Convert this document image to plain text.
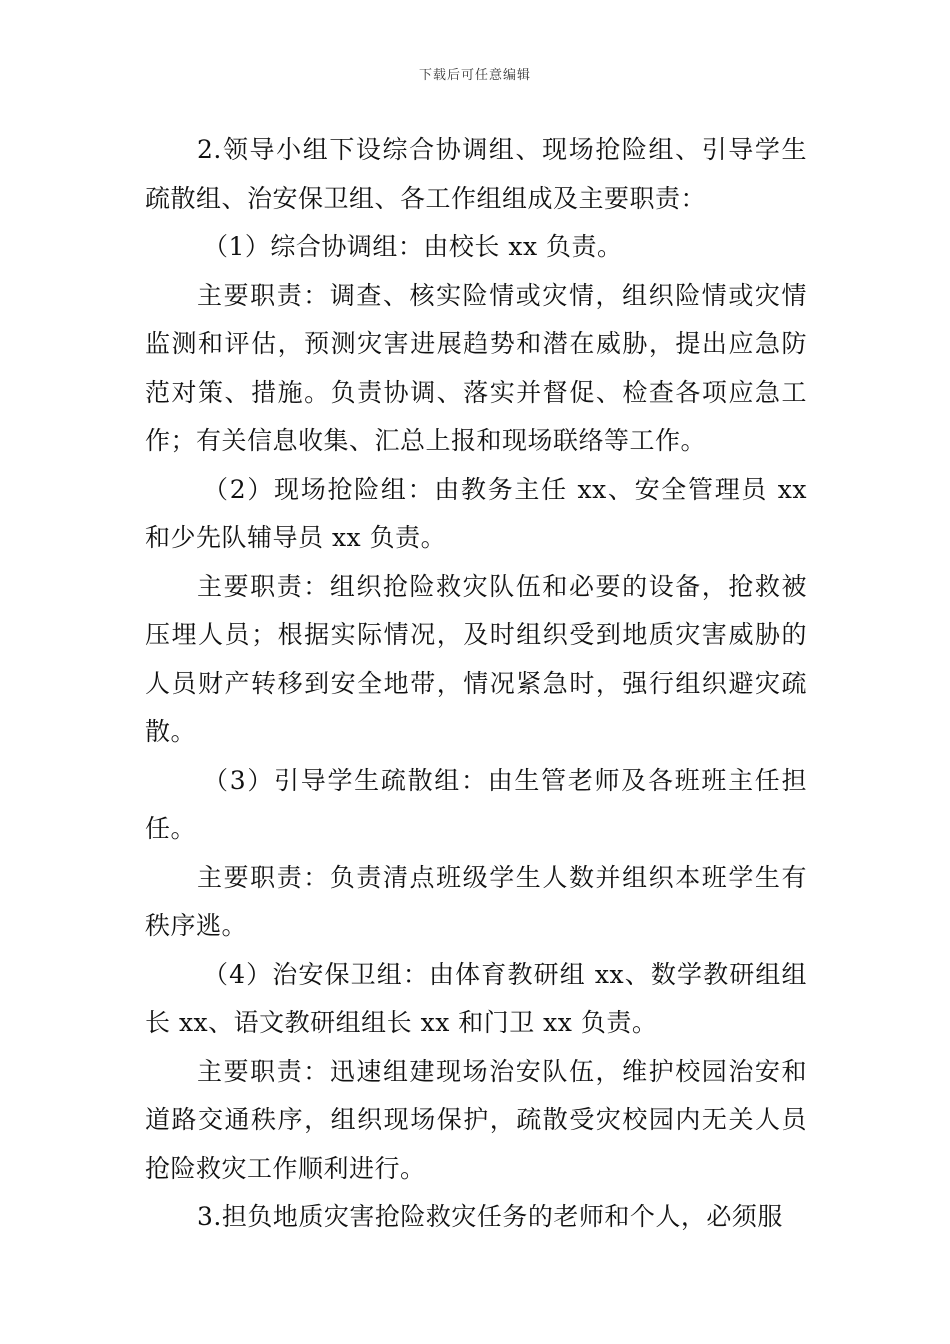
下载后可任意编辑

2.领导小组下设综合协调组、现场抢险组、引导学生疏散组、治安保卫组、各工作组组成及主要职责：

（1）综合协调组：由校长 xx 负责。

主要职责：调查、核实险情或灾情，组织险情或灾情监测和评估，预测灾害进展趋势和潜在威胁，提出应急防范对策、措施。负责协调、落实并督促、检查各项应急工作；有关信息收集、汇总上报和现场联络等工作。

（2）现场抢险组：由教务主任 xx、安全管理员 xx 和少先队辅导员 xx 负责。

主要职责：组织抢险救灾队伍和必要的设备，抢救被压埋人员；根据实际情况，及时组织受到地质灾害威胁的人员财产转移到安全地带，情况紧急时，强行组织避灾疏散。

（3）引导学生疏散组：由生管老师及各班班主任担任。

主要职责：负责清点班级学生人数并组织本班学生有秩序逃。

（4）治安保卫组：由体育教研组 xx、数学教研组组长 xx、语文教研组组长 xx 和门卫 xx 负责。

主要职责：迅速组建现场治安队伍，维护校园治安和道路交通秩序，组织现场保护，疏散受灾校园内无关人员抢险救灾工作顺利进行。

3.担负地质灾害抢险救灾任务的老师和个人，必须服
